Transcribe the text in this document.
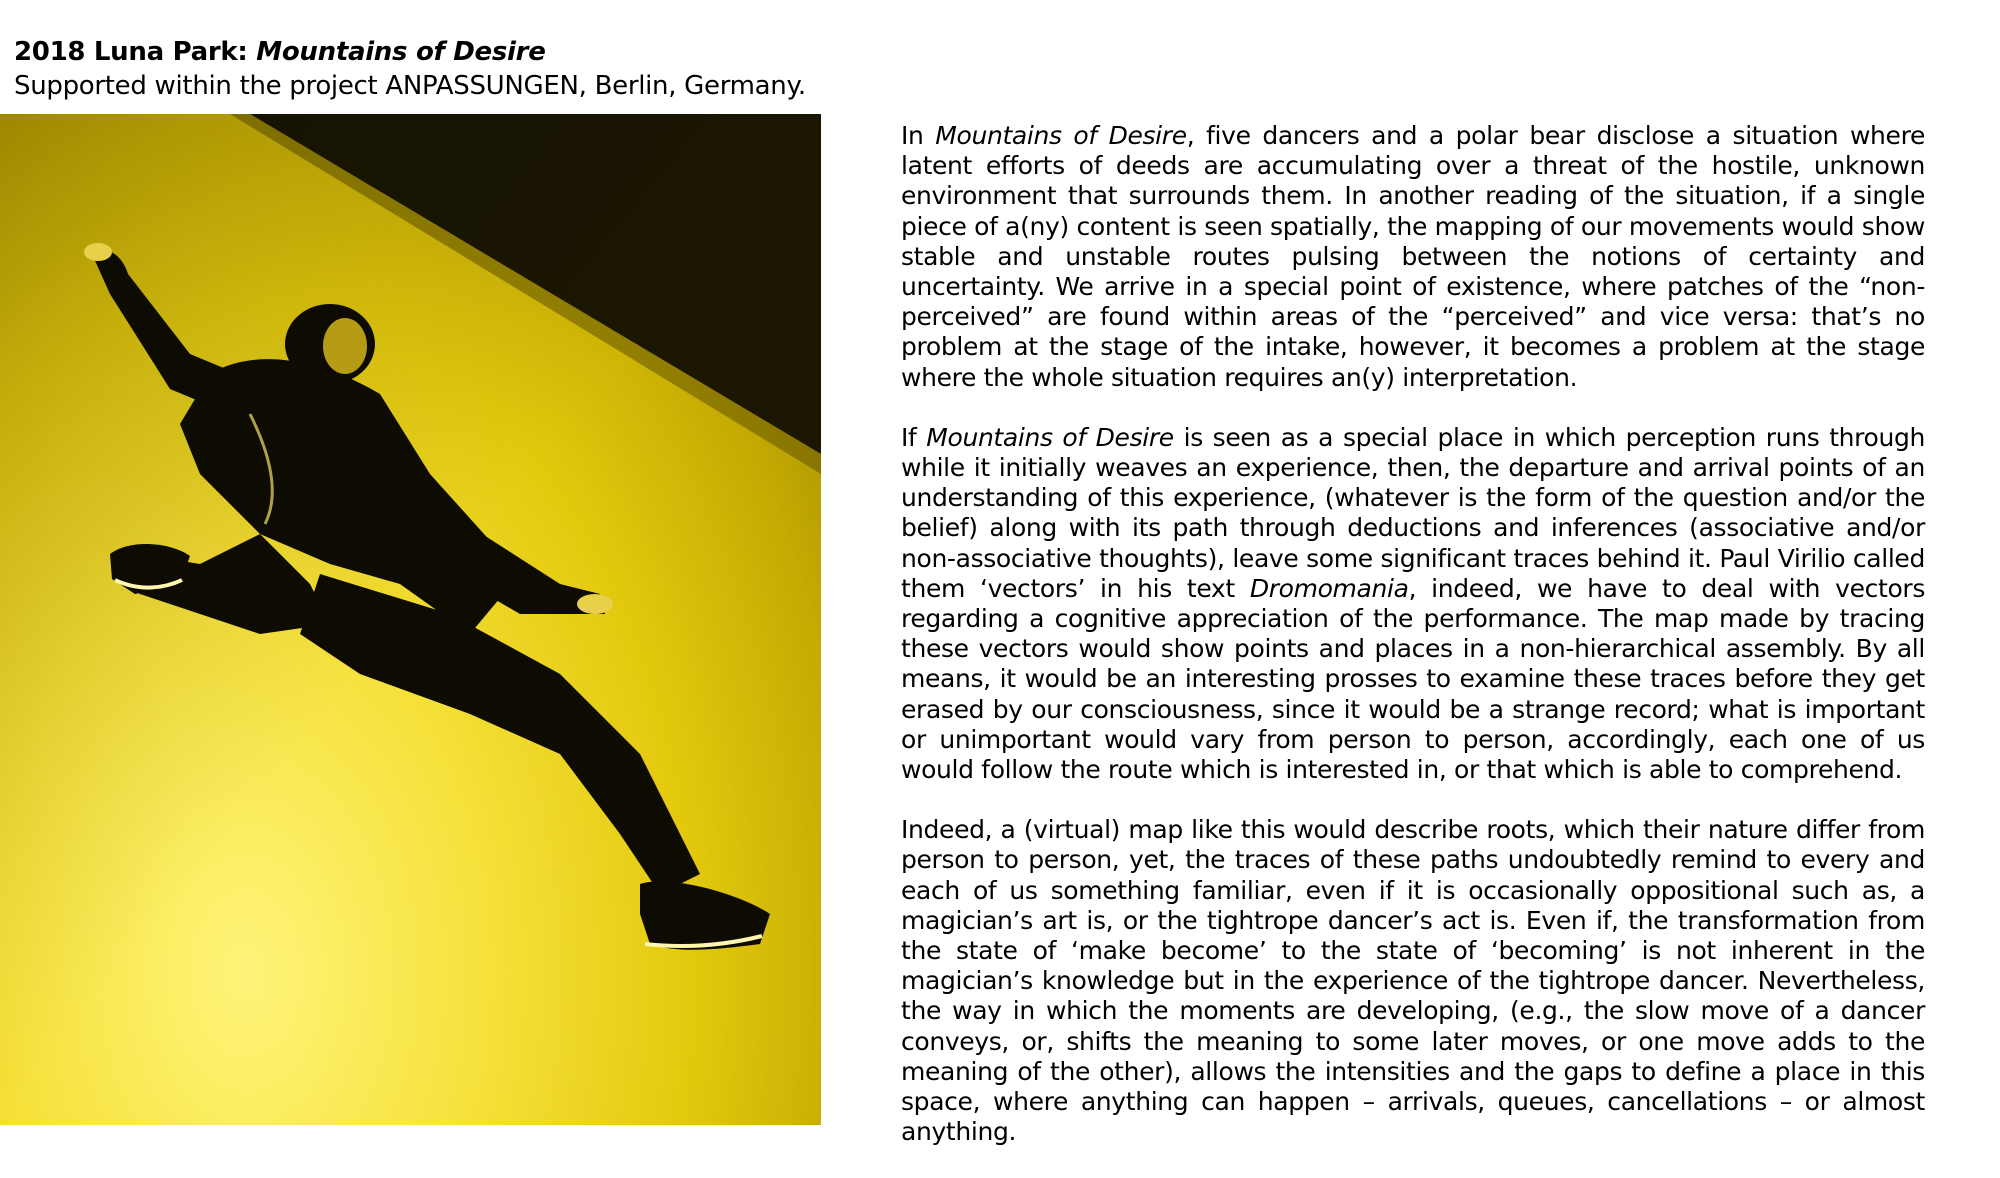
2018 Luna Park: Mountains of Desire
Supported within the project ANPASSUNGEN, Berlin, Germany.

In Mountains of Desire, five dancers and a polar bear disclose a situation where latent efforts of deeds are accumulating over a threat of the hostile, unknown environment that surrounds them. In another reading of the situation, if a single piece of a(ny) content is seen spatially, the mapping of our movements would show stable and unstable routes pulsing between the notions of certainty and uncertainty. We arrive in a special point of existence, where patches of the “non-perceived” are found within areas of the “perceived” and vice versa: that’s no problem at the stage of the intake, however, it becomes a problem at the stage where the whole situation requires an(y) interpretation.

If Mountains of Desire is seen as a special place in which perception runs through while it initially weaves an experience, then, the departure and arrival points of an understanding of this experience, (whatever is the form of the question and/or the belief) along with its path through deductions and inferences (associative and/or non-associative thoughts), leave some significant traces behind it. Paul Virilio called them ‘vectors’ in his text Dromomania, indeed, we have to deal with vectors regarding a cognitive appreciation of the performance. The map made by tracing these vectors would show points and places in a non-hierarchical assembly. By all means, it would be an interesting prosses to examine these traces before they get erased by our consciousness, since it would be a strange record; what is important or unimportant would vary from person to person, accordingly, each one of us would follow the route which is interested in, or that which is able to comprehend.

Indeed, a (virtual) map like this would describe roots, which their nature differ from person to person, yet, the traces of these paths undoubtedly remind to every and each of us something familiar, even if it is occasionally oppositional such as, a magician’s art is, or the tightrope dancer’s act is. Even if, the transformation from the state of ‘make become’ to the state of ‘becoming’ is not inherent in the magician’s knowledge but in the experience of the tightrope dancer. Nevertheless, the way in which the moments are developing, (e.g., the slow move of a dancer conveys, or, shifts the meaning to some later moves, or one move adds to the meaning of the other), allows the intensities and the gaps to define a place in this space, where anything can happen – arrivals, queues, cancellations – or almost anything.
